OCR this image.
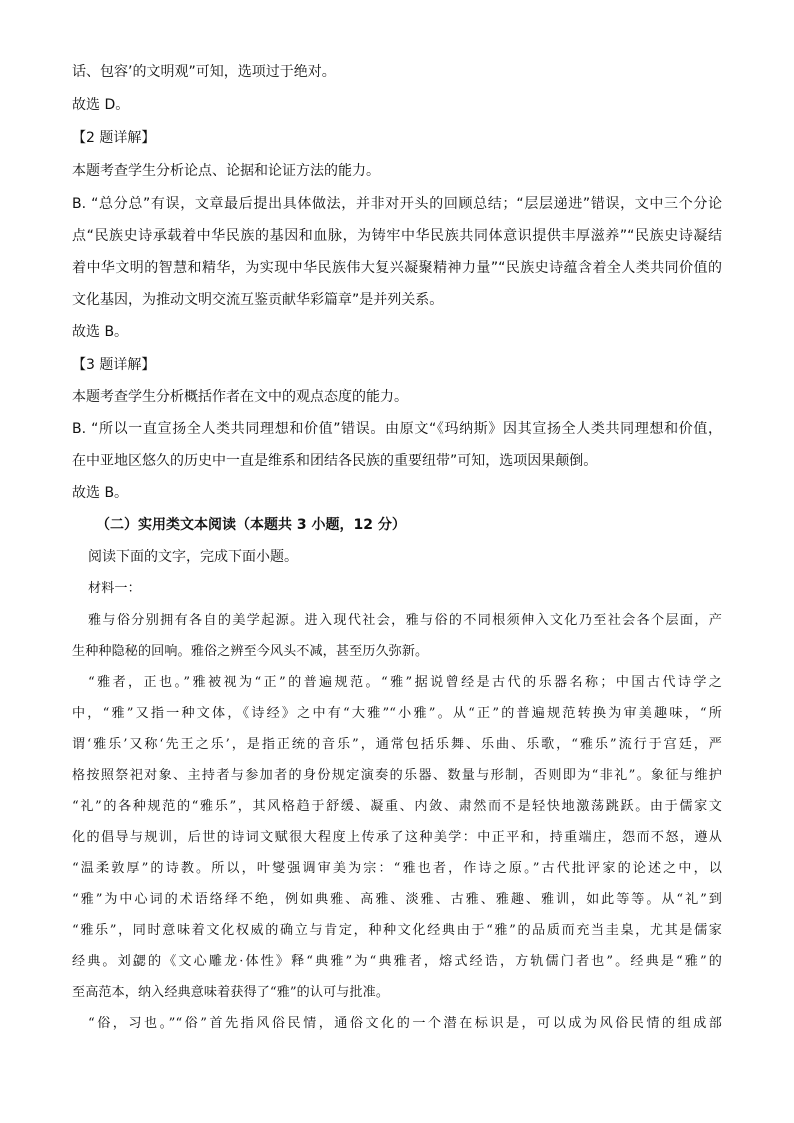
话、包容’的文明观”可知，选项过于绝对。
故选 D。
【2 题详解】
本题考查学生分析论点、论据和论证方法的能力。
B. “总分总”有误，文章最后提出具体做法，并非对开头的回顾总结；“层层递进”错误，文中三个分论
点“民族史诗承载着中华民族的基因和血脉，为铸牢中华民族共同体意识提供丰厚滋养”“民族史诗凝结
着中华文明的智慧和精华，为实现中华民族伟大复兴凝聚精神力量”“民族史诗蕴含着全人类共同价值的
文化基因，为推动文明交流互鉴贡献华彩篇章”是并列关系。
故选 B。
【3 题详解】
本题考查学生分析概括作者在文中的观点态度的能力。
B. “所以一直宣扬全人类共同理想和价值”错误。由原文“《玛纳斯》因其宣扬全人类共同理想和价值，
在中亚地区悠久的历史中一直是维系和团结各民族的重要纽带”可知，选项因果颠倒。
故选 B。
（二）实用类文本阅读（本题共 3 小题，12 分）
阅读下面的文字，完成下面小题。
材料一：
雅与俗分别拥有各自的美学起源。进入现代社会，雅与俗的不同根须伸入文化乃至社会各个层面，产
生种种隐秘的回响。雅俗之辨至今风头不减，甚至历久弥新。
“雅者，正也。”雅被视为“正”的普遍规范。“雅”据说曾经是古代的乐器名称；中国古代诗学之
中，“雅”又指一种文体，《诗经》之中有“大雅”“小雅”。从“正”的普遍规范转换为审美趣味，“所
谓‘雅乐’又称‘先王之乐’，是指正统的音乐”，通常包括乐舞、乐曲、乐歌，“雅乐”流行于宫廷，严
格按照祭祀对象、主持者与参加者的身份规定演奏的乐器、数量与形制，否则即为“非礼”。象征与维护
“礼”的各种规范的“雅乐”，其风格趋于舒缓、凝重、内敛、肃然而不是轻快地激荡跳跃。由于儒家文
化的倡导与规训，后世的诗词文赋很大程度上传承了这种美学：中正平和，持重端庄，怨而不怒，遵从
“温柔敦厚”的诗教。所以，叶燮强调审美为宗：“雅也者，作诗之原。”古代批评家的论述之中，以
“雅”为中心词的术语络绎不绝，例如典雅、高雅、淡雅、古雅、雅趣、雅训，如此等等。从“礼”到
“雅乐”，同时意味着文化权威的确立与肯定，种种文化经典由于“雅”的品质而充当圭臬，尤其是儒家
经典。刘勰的《文心雕龙·体性》释“典雅”为“典雅者，熔式经诰，方轨儒门者也”。经典是“雅”的
至高范本，纳入经典意味着获得了“雅”的认可与批准。
“俗，习也。”“俗”首先指风俗民情，通俗文化的一个潜在标识是，可以成为风俗民情的组成部
